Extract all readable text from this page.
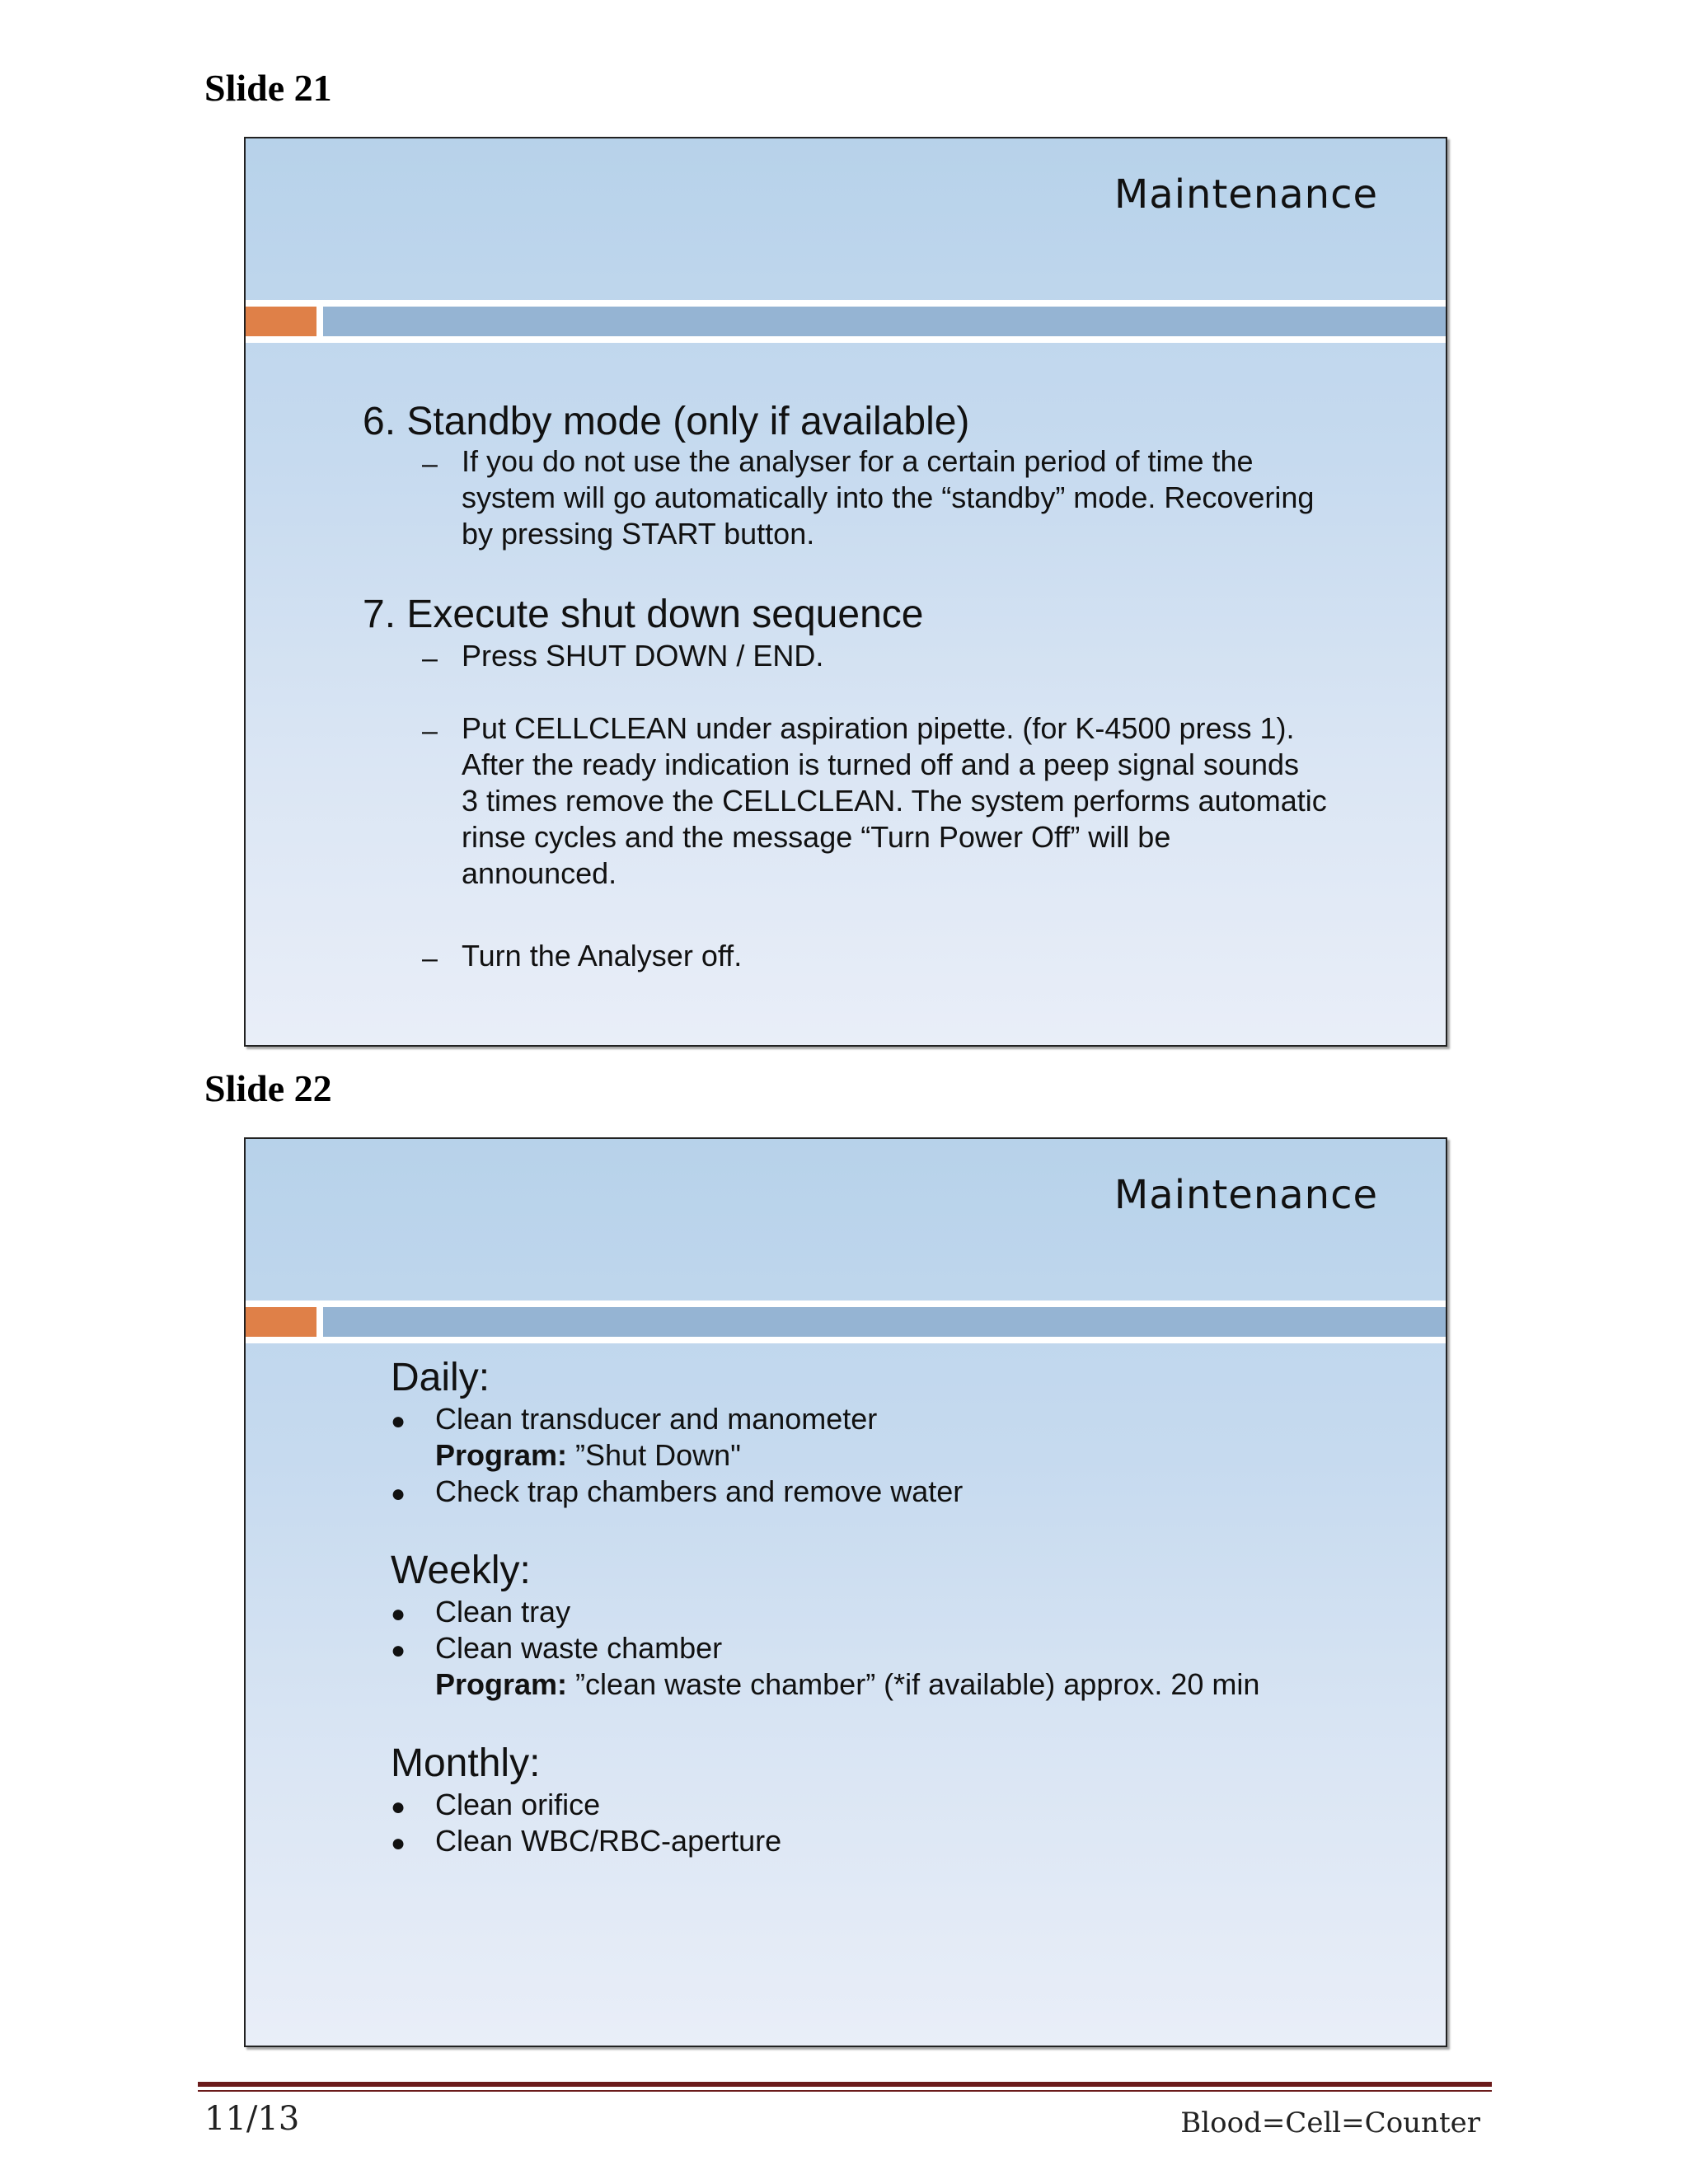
Slide 21
Maintenance
6. Standby mode (only if available)
– If you do not use the analyser for a certain period of time the
system will go automatically into the “standby” mode. Recovering
by pressing START button.
7. Execute shut down sequence
– Press SHUT DOWN / END.
– Put CELLCLEAN under aspiration pipette. (for K-4500 press 1).
After the ready indication is turned off and a peep signal sounds
3 times remove the CELLCLEAN. The system performs automatic
rinse cycles and the message “Turn Power Off” will be
announced.
– Turn the Analyser off.
Slide 22
Maintenance
Daily:
● Clean transducer and manometer
Program: ”Shut Down"
● Check trap chambers and remove water
Weekly:
● Clean tray
● Clean waste chamber
Program: ”clean waste chamber” (*if available) approx. 20 min
Monthly:
● Clean orifice
● Clean WBC/RBC-aperture
11/13	Blood=Cell=Counter
